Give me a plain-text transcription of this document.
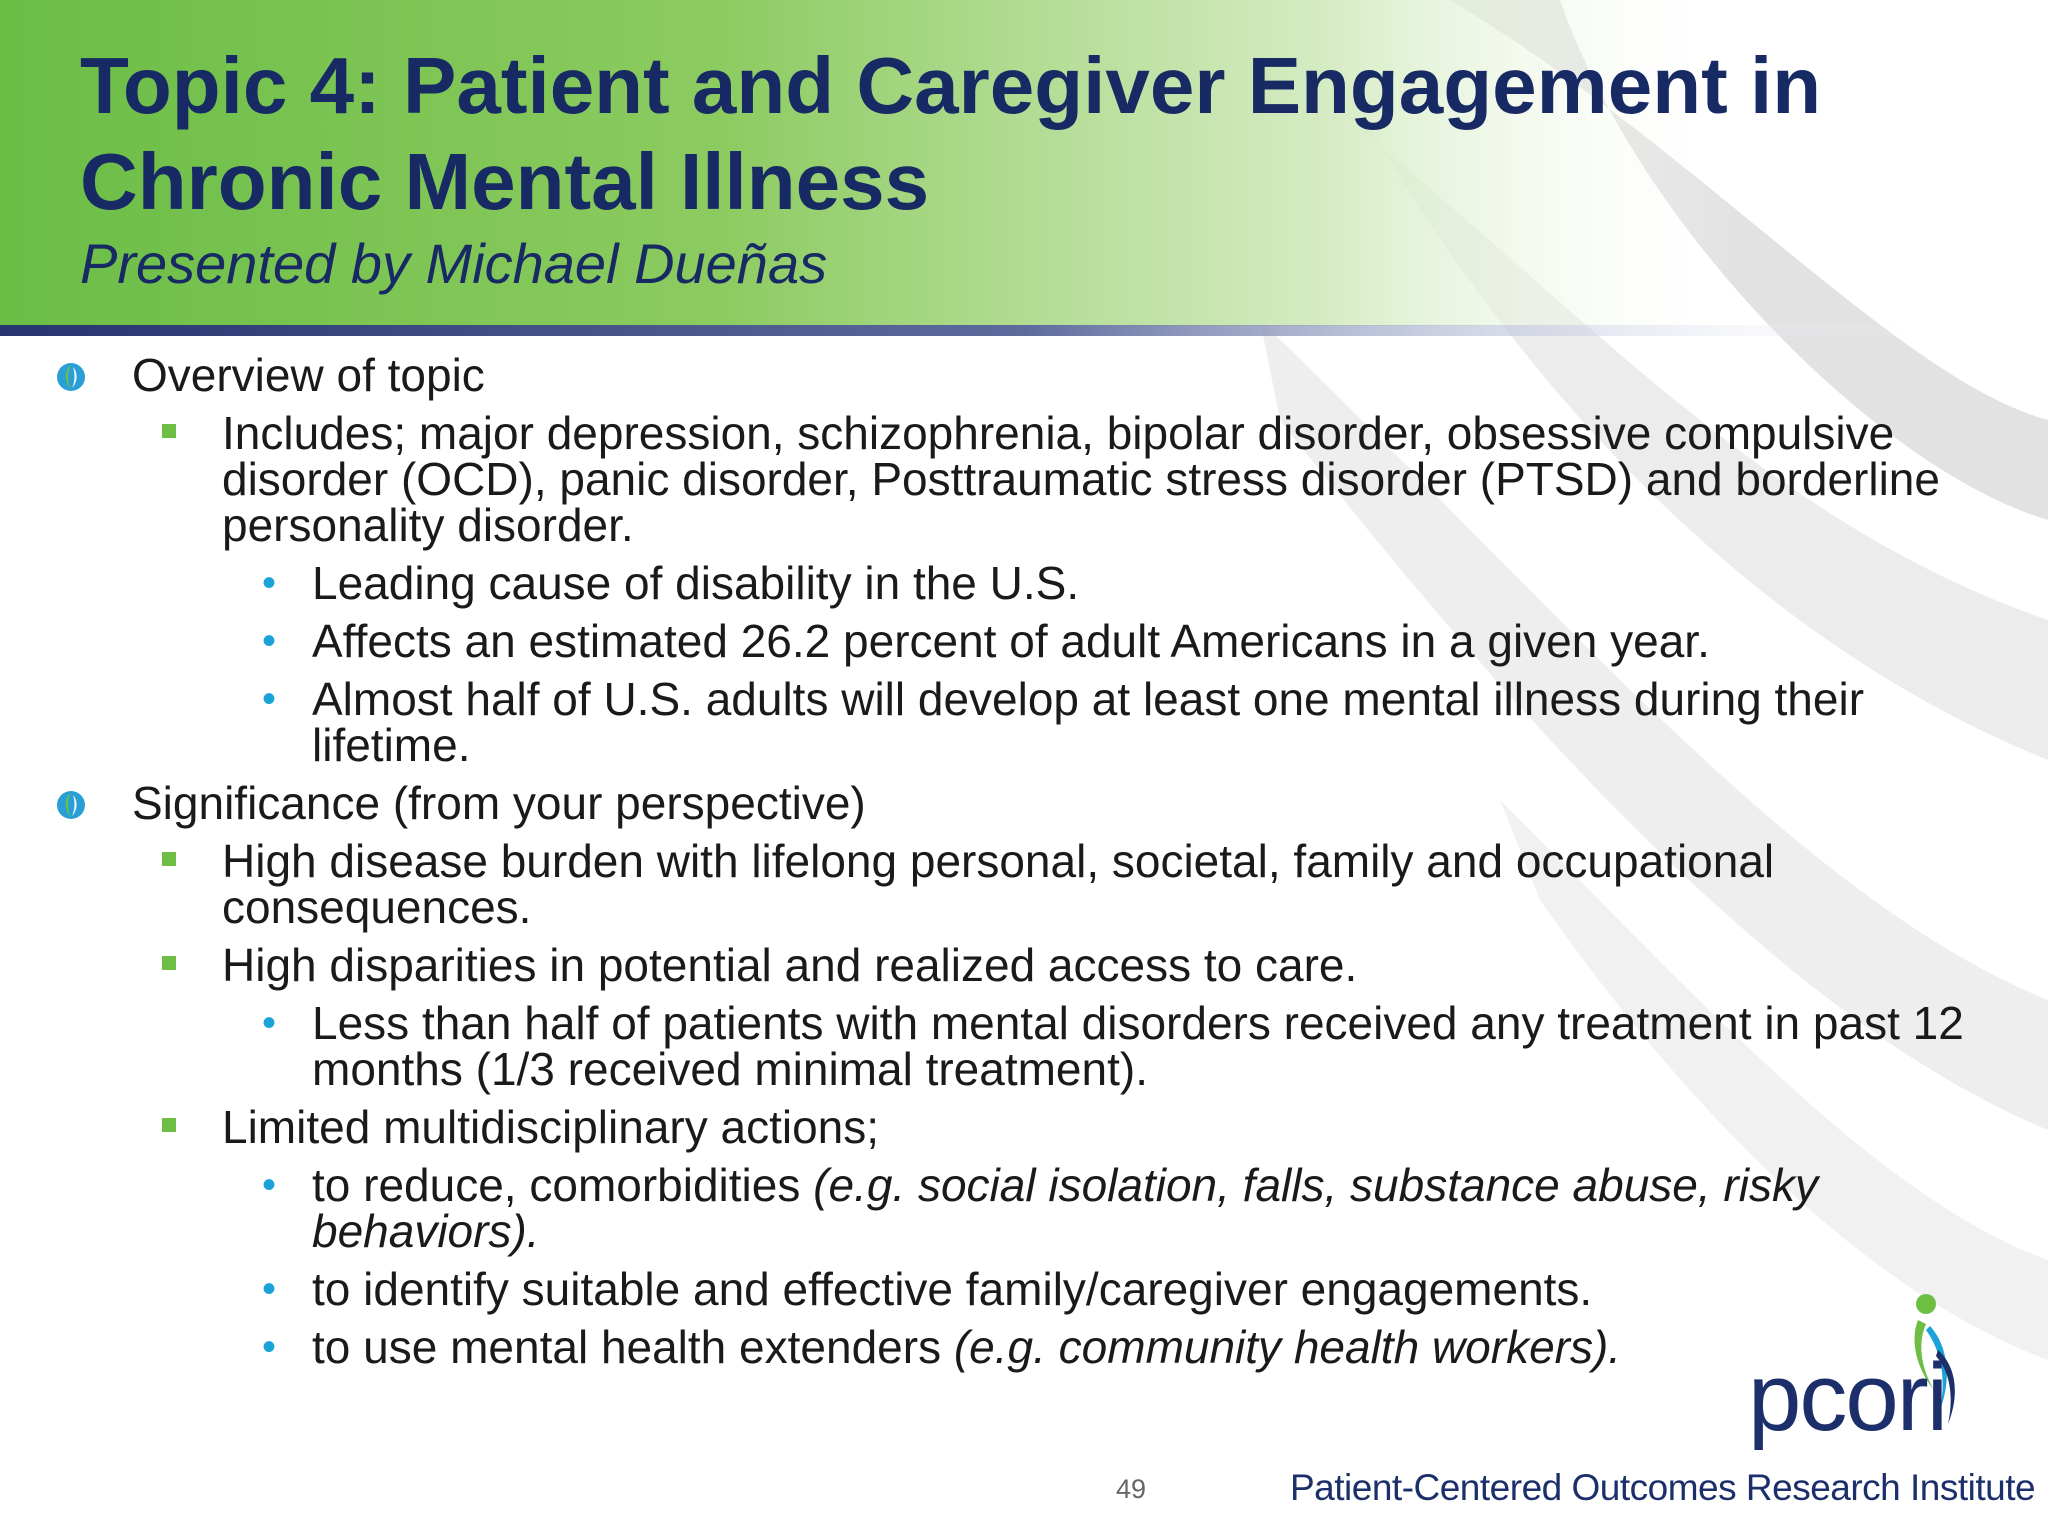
Topic 4: Patient and Caregiver Engagement in Chronic Mental Illness

Presented by Michael Dueñas

Overview of topic
Includes; major depression, schizophrenia, bipolar disorder, obsessive compulsive disorder (OCD), panic disorder, Posttraumatic stress disorder (PTSD) and borderline personality disorder.
• Leading cause of disability in the U.S.
• Affects an estimated 26.2 percent of adult Americans in a given year.
• Almost half of U.S. adults will develop at least one mental illness during their lifetime.
Significance (from your perspective)
High disease burden with lifelong personal, societal, family and occupational consequences.
High disparities in potential and realized access to care.
• Less than half of patients with mental disorders received any treatment in past 12 months (1/3 received minimal treatment).
Limited multidisciplinary actions;
• to reduce, comorbidities (e.g. social isolation, falls, substance abuse, risky behaviors).
• to identify suitable and effective family/caregiver engagements.
• to use mental health extenders (e.g. community health workers).
49
pcori
Patient-Centered Outcomes Research Institute
